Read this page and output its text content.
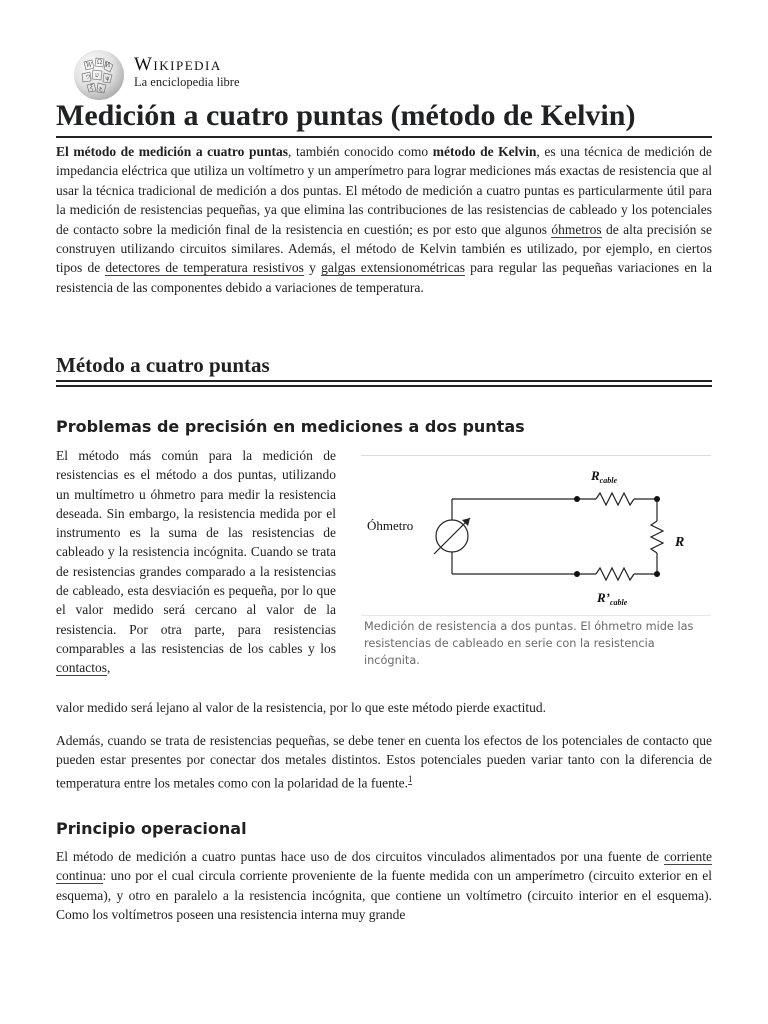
W Ω И
ウ ש ψ
ξ ع
Wikipedia
La enciclopedia libre
Medición a cuatro puntas (método de Kelvin)

El método de medición a cuatro puntas, también conocido como método de Kelvin, es una técnica de medición de impedancia eléctrica que utiliza un voltímetro y un amperímetro para lograr mediciones más exactas de resistencia que al usar la técnica tradicional de medición a dos puntas. El método de medición a cuatro puntas es particularmente útil para la medición de resistencias pequeñas, ya que elimina las contribuciones de las resistencias de cableado y los potenciales de contacto sobre la medición final de la resistencia en cuestión; es por esto que algunos óhmetros de alta precisión se construyen utilizando circuitos similares. Además, el método de Kelvin también es utilizado, por ejemplo, en ciertos tipos de detectores de temperatura resistivos y galgas extensionométricas para regular las pequeñas variaciones en la resistencia de las componentes debido a variaciones de temperatura.

Método a cuatro puntas
Problemas de precisión en mediciones a dos puntas
Óhmetro
$R_{cable}$
$R’_{cable}$
R
Medición de resistencia a dos puntas. El óhmetro mide las resistencias de cableado en serie con la resistencia incógnita.

El método más común para la medición de resistencias es el método a dos puntas, utilizando un multímetro u óhmetro para medir la resistencia deseada. Sin embargo, la resistencia medida por el instrumento es la suma de las resistencias de cableado y la resistencia incógnita. Cuando se trata de resistencias grandes comparado a la resistencias de cableado, esta desviación es pequeña, por lo que el valor medido será cercano al valor de la resistencia. Por otra parte, para resistencias comparables a las resistencias de los cables y los contactos,

valor medido será lejano al valor de la resistencia, por lo que este método pierde exactitud.

Además, cuando se trata de resistencias pequeñas, se debe tener en cuenta los efectos de los potenciales de contacto que pueden estar presentes por conectar dos metales distintos. Estos potenciales pueden variar tanto con la diferencia de temperatura entre los metales como con la polaridad de la fuente.$^1$

Principio operacional

El método de medición a cuatro puntas hace uso de dos circuitos vinculados alimentados por una fuente de corriente continua: uno por el cual circula corriente proveniente de la fuente medida con un amperímetro (circuito exterior en el esquema), y otro en paralelo a la resistencia incógnita, que contiene un voltímetro (circuito interior en el esquema). Como los voltímetros poseen una resistencia interna muy grande
